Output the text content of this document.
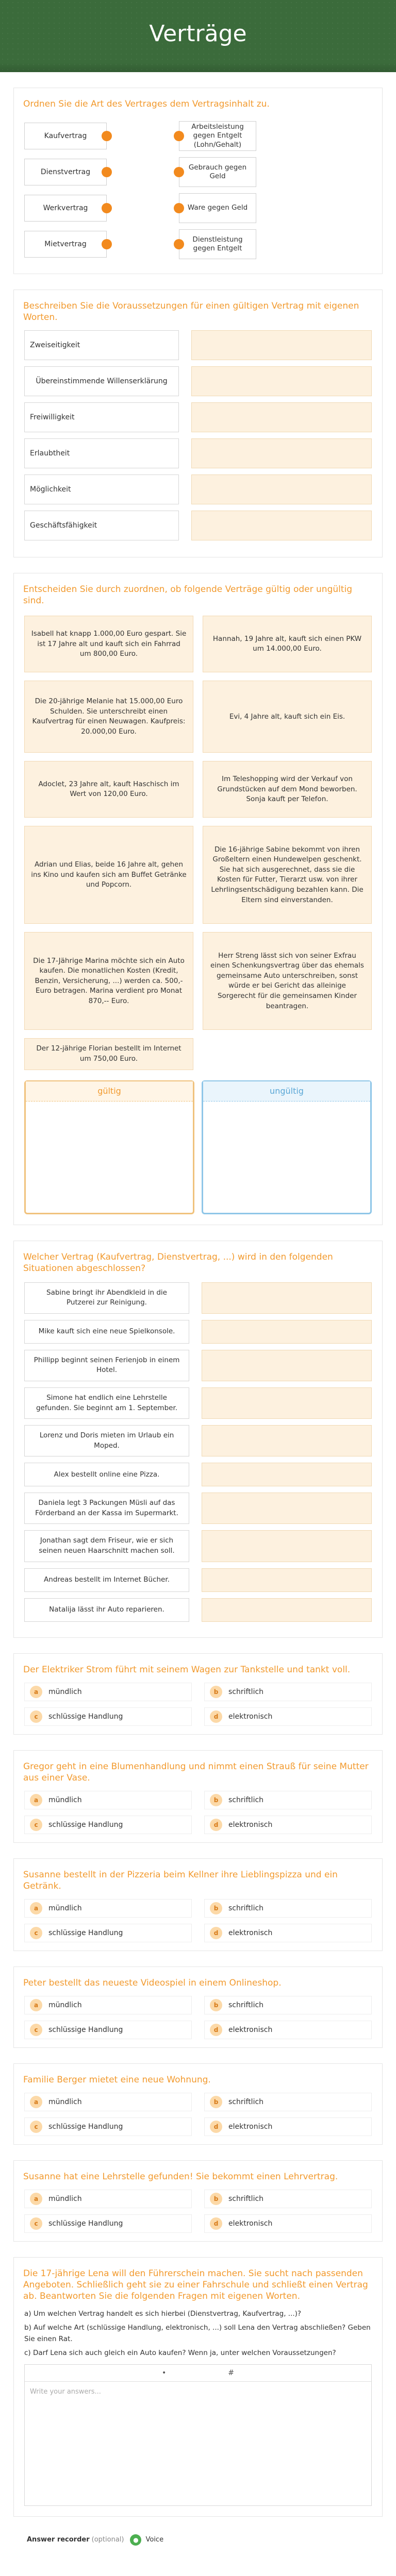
Verträge
Ordnen Sie die Art des Vertrages dem Vertragsinhalt zu.
Kaufvertrag
Arbeitsleistung gegen Entgelt (Lohn/Gehalt)
Dienstvertrag
Gebrauch gegen Geld
Werkvertrag	Ware gegen Geld
Mietvertrag
Dienstleistung gegen Entgelt
Beschreiben Sie die Voraussetzungen für einen gültigen Vertrag mit eigenen Worten.
Zweiseitigkeit
Übereinstimmende Willenserklärung
Freiwilligkeit
Erlaubtheit
Möglichkeit
Geschäftsfähigkeit
Entscheiden Sie durch zuordnen, ob folgende Verträge gültig oder ungültig sind.
Isabell hat knapp 1.000,00 Euro gespart. Sie ist 17 Jahre alt und kauft sich ein Fahrrad um 800,00 Euro.
Hannah, 19 Jahre alt, kauft sich einen PKW um 14.000,00 Euro.
Die 20-jährige Melanie hat 15.000,00 Euro Schulden. Sie unterschreibt einen Kaufvertrag für einen Neuwagen. Kaufpreis: 20.000,00 Euro.
Evi, 4 Jahre alt, kauft sich ein Eis.
Adoclet, 23 Jahre alt, kauft Haschisch im Wert von 120,00 Euro.
Im Teleshopping wird der Verkauf von Grundstücken auf dem Mond beworben. Sonja kauft per Telefon.
Adrian und Elias, beide 16 Jahre alt, gehen ins Kino und kaufen sich am Buffet Getränke und Popcorn.
Die 16-jährige Sabine bekommt von ihren Großeltern einen Hundewelpen geschenkt. Sie hat sich ausgerechnet, dass sie die Kosten für Futter, Tierarzt usw. von ihrer Lehrlingsentschädigung bezahlen kann. Die Eltern sind einverstanden.
Die 17-Jährige Marina möchte sich ein Auto kaufen. Die monatlichen Kosten (Kredit, Benzin, Versicherung, ...) werden ca. 500,- Euro betragen. Marina verdient pro Monat 870,-- Euro.
Herr Streng lässt sich von seiner Exfrau einen Schenkungsvertrag über das ehemals gemeinsame Auto unterschreiben, sonst würde er bei Gericht das alleinige Sorgerecht für die gemeinsamen Kinder beantragen.
Der 12-jährige Florian bestellt im Internet um 750,00 Euro.
gültig	ungültig
Welcher Vertrag (Kaufvertrag, Dienstvertrag, ...) wird in den folgenden Situationen abgeschlossen?
Sabine bringt ihr Abendkleid in die Putzerei zur Reinigung.
Mike kauft sich eine neue Spielkonsole.
Phillipp beginnt seinen Ferienjob in einem Hotel.
Simone hat endlich eine Lehrstelle gefunden. Sie beginnt am 1. September.
Lorenz und Doris mieten im Urlaub ein Moped.
Alex bestellt online eine Pizza.
Daniela legt 3 Packungen Müsli auf das Förderband an der Kassa im Supermarkt.
Jonathan sagt dem Friseur, wie er sich seinen neuen Haarschnitt machen soll.
Andreas bestellt im Internet Bücher.
Natalija lässt ihr Auto reparieren.
Der Elektriker Strom führt mit seinem Wagen zur Tankstelle und tankt voll.
a	mündlich	b	schriftlich
c	schlüssige Handlung	d	elektronisch
Gregor geht in eine Blumenhandlung und nimmt einen Strauß für seine Mutter aus einer Vase.
a	mündlich	b	schriftlich
c	schlüssige Handlung	d	elektronisch
Susanne bestellt in der Pizzeria beim Kellner ihre Lieblingspizza und ein Getränk.
a	mündlich	b	schriftlich
c	schlüssige Handlung	d	elektronisch
Peter bestellt das neueste Videospiel in einem Onlineshop.
a	mündlich	b	schriftlich
c	schlüssige Handlung	d	elektronisch
Familie Berger mietet eine neue Wohnung.
a	mündlich	b	schriftlich
c	schlüssige Handlung	d	elektronisch
Susanne hat eine Lehrstelle gefunden! Sie bekommt einen Lehrvertrag.
a	mündlich	b	schriftlich
c	schlüssige Handlung	d	elektronisch
Die 17-jährige Lena will den Führerschein machen. Sie sucht nach passenden Angeboten. Schließlich geht sie zu einer Fahrschule und schließt einen Vertrag ab. Beantworten Sie die folgenden Fragen mit eigenen Worten.

a) Um welchen Vertrag handelt es sich hierbei (Dienstvertrag, Kaufvertrag, ...)?

b) Auf welche Art (schlüssige Handlung, elektronisch, ...) soll Lena den Vertrag abschließen? Geben Sie einen Rat.

c) Darf Lena sich auch gleich ein Auto kaufen? Wenn ja, unter welchen Voraussetzungen?

•	#
Write your answers...
Answer recorder (optional)	●	Voice
